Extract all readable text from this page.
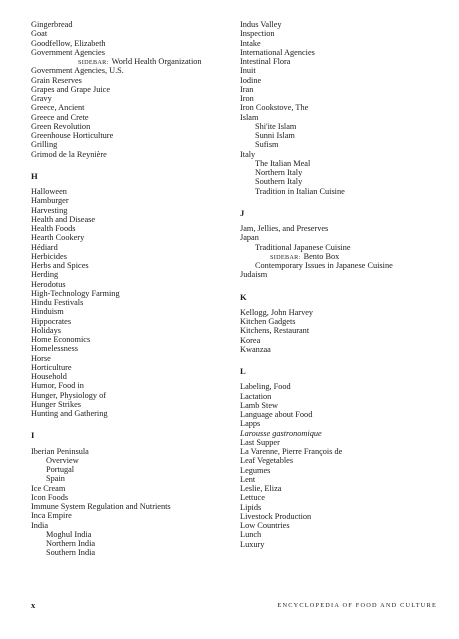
Gingerbread
Goat
Goodfellow, Elizabeth
Government Agencies
SIDEBAR: World Health Organization
Government Agencies, U.S.
Grain Reserves
Grapes and Grape Juice
Gravy
Greece, Ancient
Greece and Crete
Green Revolution
Greenhouse Horticulture
Grilling
Grimod de la Reynière
H
Halloween
Hamburger
Harvesting
Health and Disease
Health Foods
Hearth Cookery
Hédiard
Herbicides
Herbs and Spices
Herding
Herodotus
High-Technology Farming
Hindu Festivals
Hinduism
Hippocrates
Holidays
Home Economics
Homelessness
Horse
Horticulture
Household
Humor, Food in
Hunger, Physiology of
Hunger Strikes
Hunting and Gathering
I
Iberian Peninsula
Overview
Portugal
Spain
Ice Cream
Icon Foods
Immune System Regulation and Nutrients
Inca Empire
India
Moghul India
Northern India
Southern India
Indus Valley
Inspection
Intake
International Agencies
Intestinal Flora
Inuit
Iodine
Iran
Iron
Iron Cookstove, The
Islam
Shi'ite Islam
Sunni Islam
Sufism
Italy
The Italian Meal
Northern Italy
Southern Italy
Tradition in Italian Cuisine
J
Jam, Jellies, and Preserves
Japan
Traditional Japanese Cuisine
SIDEBAR: Bento Box
Contemporary Issues in Japanese Cuisine
Judaism
K
Kellogg, John Harvey
Kitchen Gadgets
Kitchens, Restaurant
Korea
Kwanzaa
L
Labeling, Food
Lactation
Lamb Stew
Language about Food
Lapps
Larousse gastronomique
Last Supper
La Varenne, Pierre François de
Leaf Vegetables
Legumes
Lent
Leslie, Eliza
Lettuce
Lipids
Livestock Production
Low Countries
Lunch
Luxury
x	ENCYCLOPEDIA OF FOOD AND CULTURE
